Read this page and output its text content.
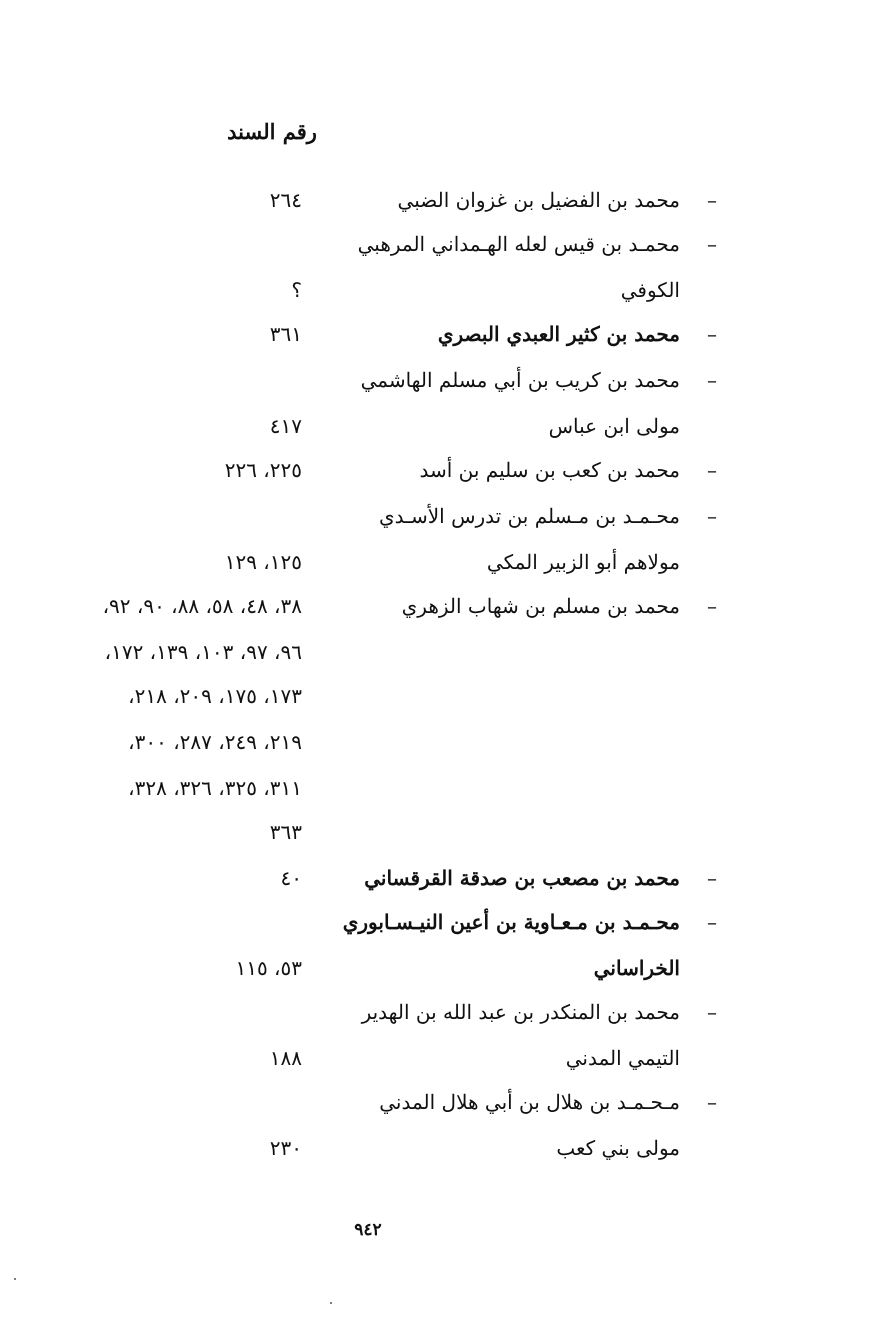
رقم السند
–
محمد بن الفضيل بن غزوان الضبي
٢٦٤
–
محمـد بن قيس لعله الهـمداني المرهبي
الكوفي
؟
–
محمد بن كثير العبدي البصري
٣٦١
–
محمد بن كريب بن أبي مسلم الهاشمي
مولى ابن عباس
٤١٧
–
محمد بن كعب بن سليم بن أسد
٢٢٥، ٢٢٦
–
محـمـد بن مـسلم بن تدرس الأسـدي
مولاهم أبو الزبير المكي
١٢٥، ١٢٩
–
محمد بن مسلم بن شهاب الزهري
٣٨، ٤٨، ٥٨، ٨٨، ٩٠، ٩٢،
٩٦، ٩٧، ١٠٣، ١٣٩، ١٧٢،
١٧٣، ١٧٥، ٢٠٩، ٢١٨،
٢١٩، ٢٤٩، ٢٨٧، ٣٠٠،
٣١١، ٣٢٥، ٣٢٦، ٣٢٨،
٣٦٣
–
محمد بن مصعب بن صدقة القرقساني
٤٠
–
محـمـد بن مـعـاوية بن أعين النيـسـابوري
الخراساني
٥٣، ١١٥
–
محمد بن المنكدر بن عبد الله بن الهدير
التيمي المدني
١٨٨
–
مـحـمـد بن هلال بن أبي هلال المدني
مولى بني كعب
٢٣٠
٩٤٢
